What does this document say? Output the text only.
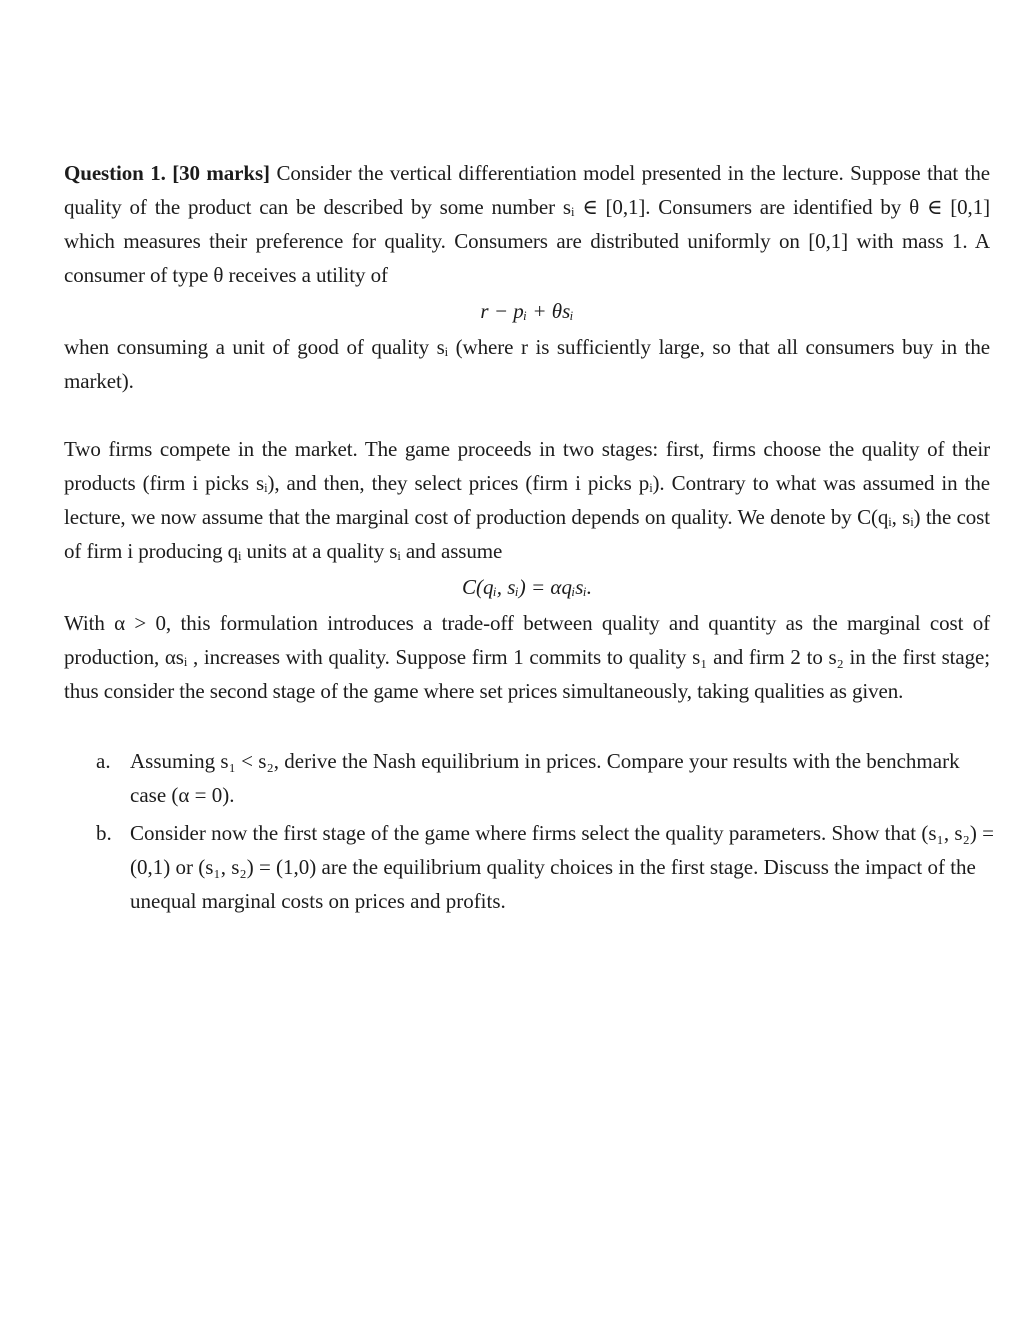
Question 1. [30 marks] Consider the vertical differentiation model presented in the lecture. Suppose that the quality of the product can be described by some number sᵢ ∈ [0,1]. Consumers are identified by θ ∈ [0,1] which measures their preference for quality. Consumers are distributed uniformly on [0,1] with mass 1. A consumer of type θ receives a utility of
r − pᵢ + θsᵢ
when consuming a unit of good of quality sᵢ (where r is sufficiently large, so that all consumers buy in the market).
Two firms compete in the market. The game proceeds in two stages: first, firms choose the quality of their products (firm i picks sᵢ), and then, they select prices (firm i picks pᵢ). Contrary to what was assumed in the lecture, we now assume that the marginal cost of production depends on quality. We denote by C(qᵢ, sᵢ) the cost of firm i producing qᵢ units at a quality sᵢ and assume
C(qᵢ, sᵢ) = αqᵢsᵢ.
With α > 0, this formulation introduces a trade-off between quality and quantity as the marginal cost of production, αsᵢ , increases with quality. Suppose firm 1 commits to quality s₁ and firm 2 to s₂ in the first stage; thus consider the second stage of the game where set prices simultaneously, taking qualities as given.
a. Assuming s₁ < s₂, derive the Nash equilibrium in prices. Compare your results with the benchmark case (α = 0).
b. Consider now the first stage of the game where firms select the quality parameters. Show that (s₁, s₂) = (0,1) or (s₁, s₂) = (1,0) are the equilibrium quality choices in the first stage. Discuss the impact of the unequal marginal costs on prices and profits.
